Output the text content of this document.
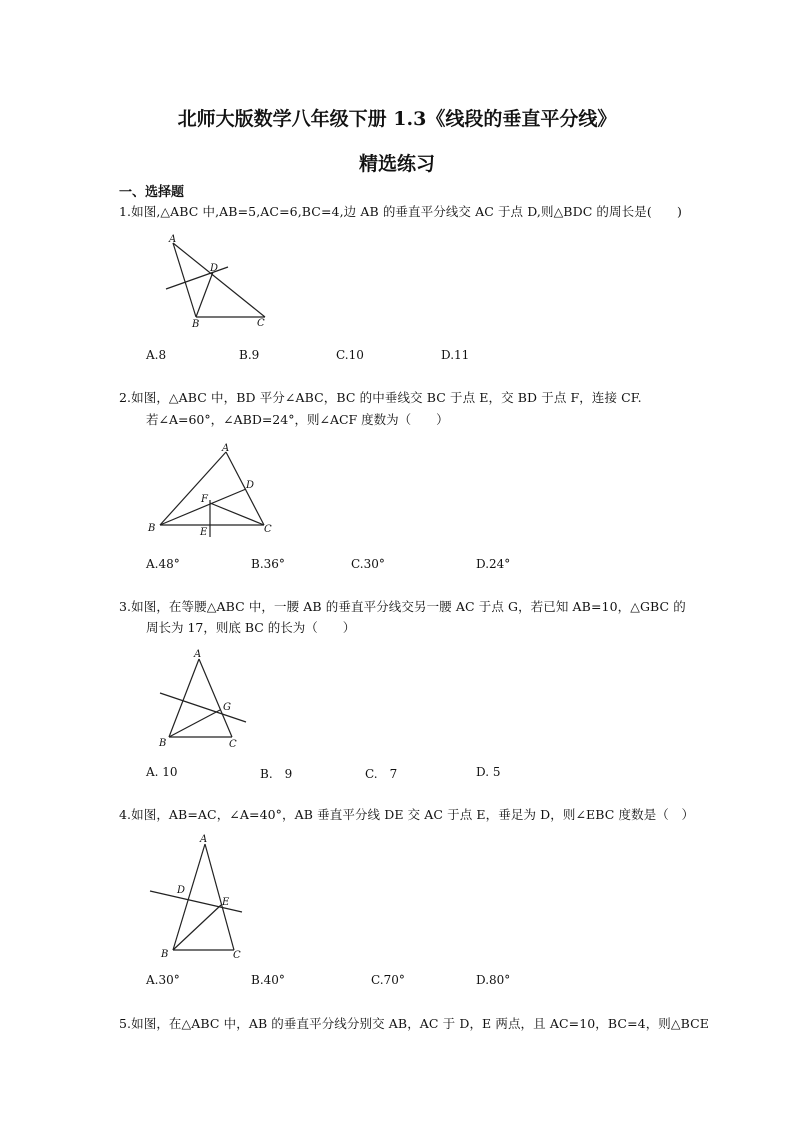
北师大版数学八年级下册 1.3《线段的垂直平分线》
精选练习
一、选择题
1.如图,△ABC 中,AB=5,AC=6,BC=4,边 AB 的垂直平分线交 AC 于点 D,则△BDC 的周长是(　　)
A
D
B	C
A.8	B.9	C.10	D.11
2.如图，△ABC 中，BD 平分∠ABC，BC 的中垂线交 BC 于点 E，交 BD 于点 F，连接 CF.
若∠A=60°，∠ABD=24°，则∠ACF 度数为（　　）
A
D
F
B	C
E
A.48°	B.36°	C.30°	D.24°
3.如图，在等腰△ABC 中，一腰 AB 的垂直平分线交另一腰 AC 于点 G，若已知 AB=10，△GBC 的
周长为 17，则底 BC 的长为（　　）
A
G
B	C
A. 10	B.　9	C.　7	D. 5
4.如图，AB=AC，∠A=40°，AB 垂直平分线 DE 交 AC 于点 E，垂足为 D，则∠EBC 度数是（　）
A
D
E
B	C
A.30°	B.40°	C.70°	D.80°
5.如图，在△ABC 中，AB 的垂直平分线分别交 AB，AC 于 D，E 两点，且 AC=10，BC=4，则△BCE
